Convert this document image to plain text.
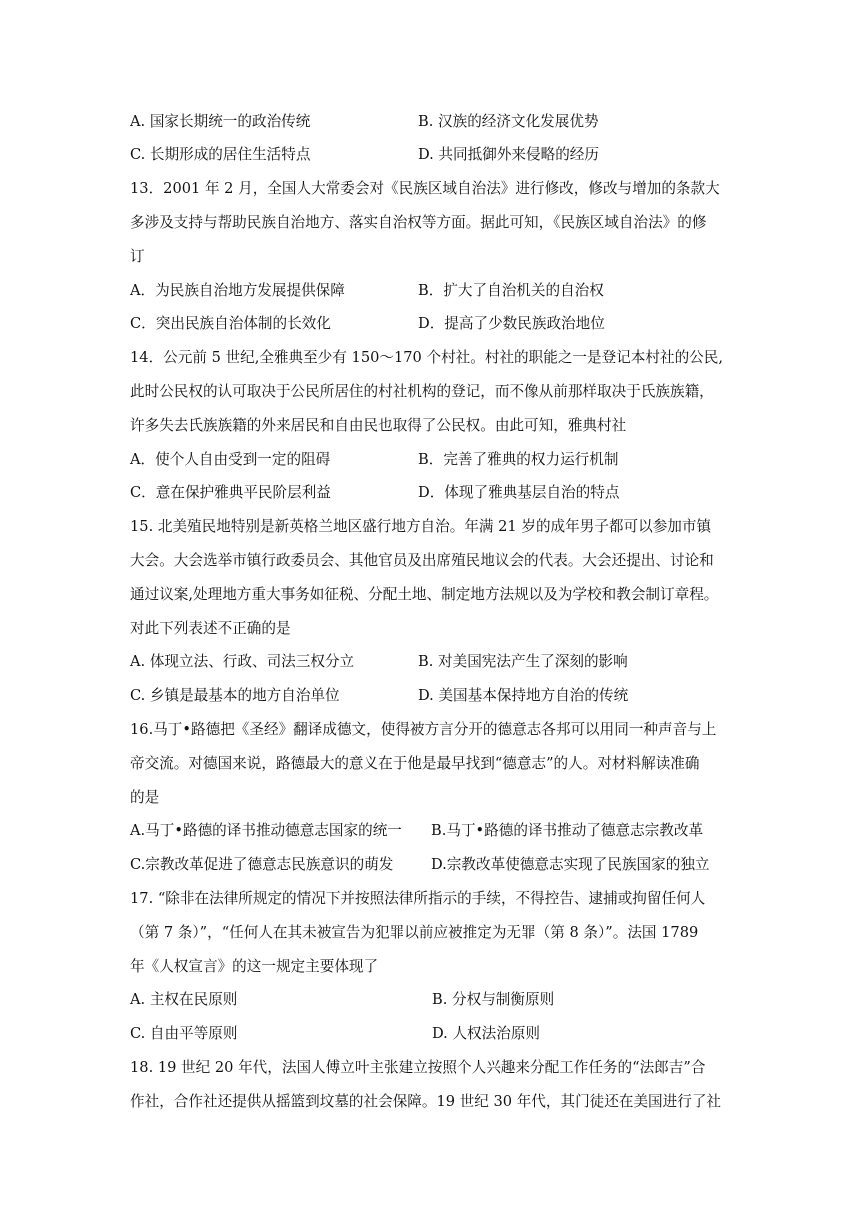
A. 国家长期统一的政治传统	B. 汉族的经济文化发展优势
C. 长期形成的居住生活特点	D. 共同抵御外来侵略的经历
13．2001 年 2 月，全国人大常委会对《民族区域自治法》进行修改，修改与增加的条款大
多涉及支持与帮助民族自治地方、落实自治权等方面。据此可知，《民族区域自治法》的修
订
A．为民族自治地方发展提供保障	B．扩大了自治机关的自治权
C．突出民族自治体制的长效化	D．提高了少数民族政治地位
14．公元前 5 世纪,全雅典至少有 150～170 个村社。村社的职能之一是登记本村社的公民,
此时公民权的认可取决于公民所居住的村社机构的登记，而不像从前那样取决于氏族族籍，
许多失去氏族族籍的外来居民和自由民也取得了公民权。由此可知，雅典村社
A．使个人自由受到一定的阻碍	B．完善了雅典的权力运行机制
C．意在保护雅典平民阶层利益	D．体现了雅典基层自治的特点
15. 北美殖民地特别是新英格兰地区盛行地方自治。年满 21 岁的成年男子都可以参加市镇
大会。大会选举市镇行政委员会、其他官员及出席殖民地议会的代表。大会还提出、讨论和
通过议案,处理地方重大事务如征税、分配土地、制定地方法规以及为学校和教会制订章程。
对此下列表述不正确的是
A. 体现立法、行政、司法三权分立	B. 对美国宪法产生了深刻的影响
C. 乡镇是最基本的地方自治单位	D. 美国基本保持地方自治的传统
16.马丁•路德把《圣经》翻译成德文，使得被方言分开的德意志各邦可以用同一种声音与上
帝交流。对德国来说，路德最大的意义在于他是最早找到“德意志”的人。对材料解读准确
的是
A.马丁•路德的译书推动德意志国家的统一 B.马丁•路德的译书推动了德意志宗教改革
C.宗教改革促进了德意志民族意识的萌发	D.宗教改革使德意志实现了民族国家的独立
17. “除非在法律所规定的情况下并按照法律所指示的手续，不得控告、逮捕或拘留任何人
（第 7 条）”，“任何人在其未被宣告为犯罪以前应被推定为无罪（第 8 条）”。法国 1789
年《人权宣言》的这一规定主要体现了
A. 主权在民原则	B. 分权与制衡原则
C. 自由平等原则	D. 人权法治原则
18. 19 世纪 20 年代，法国人傅立叶主张建立按照个人兴趣来分配工作任务的“法郎吉”合
作社，合作社还提供从摇篮到坟墓的社会保障。19 世纪 30 年代，其门徒还在美国进行了社
